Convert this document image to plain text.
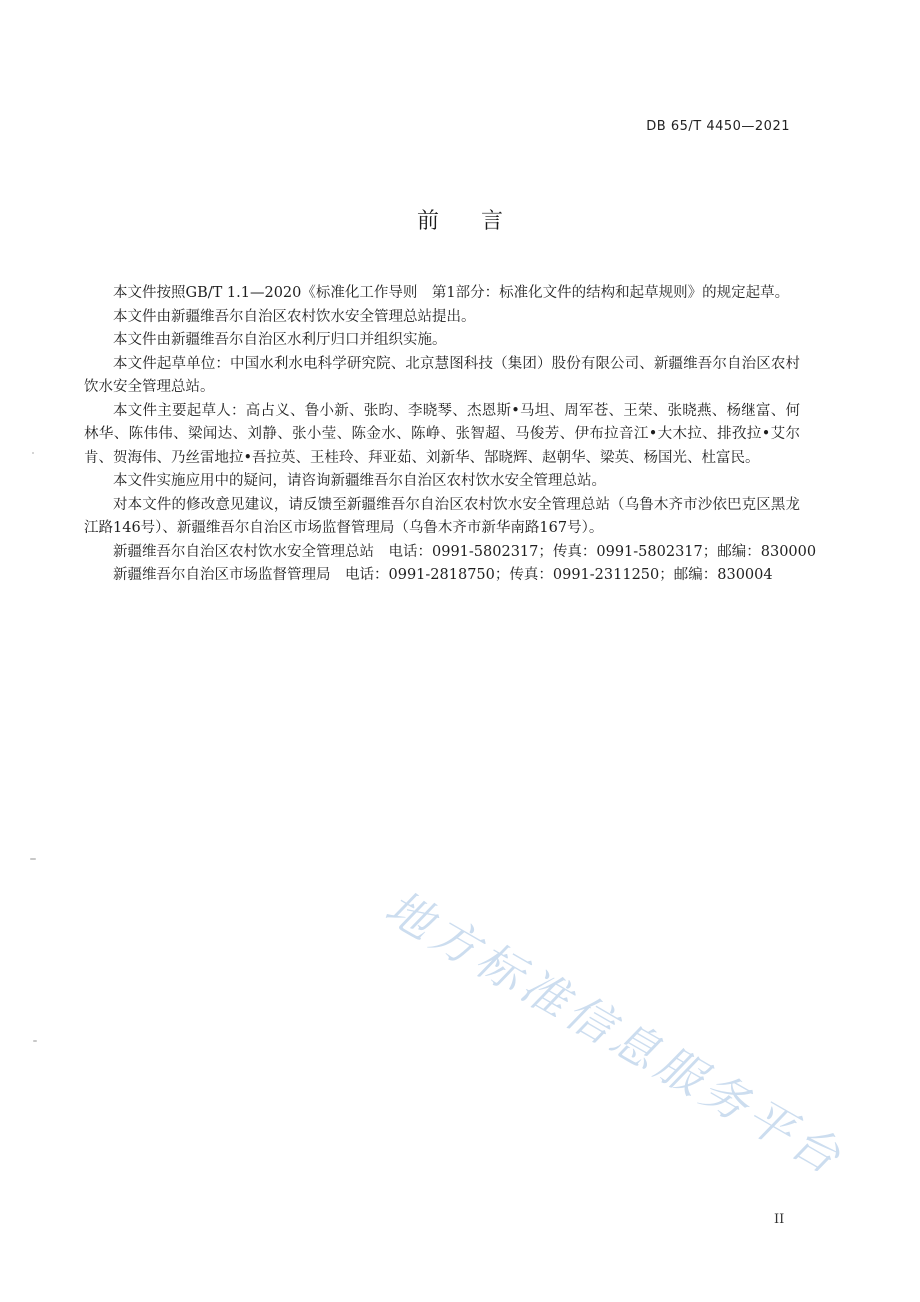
DB 65/T 4450—2021
前言

本文件按照GB/T 1.1—2020《标准化工作导则　第1部分：标准化文件的结构和起草规则》的规定起草。

本文件由新疆维吾尔自治区农村饮水安全管理总站提出。

本文件由新疆维吾尔自治区水利厅归口并组织实施。

本文件起草单位：中国水利水电科学研究院、北京慧图科技（集团）股份有限公司、新疆维吾尔自治区农村饮水安全管理总站。

本文件主要起草人：高占义、鲁小新、张昀、李晓琴、杰恩斯•马坦、周军苍、王荣、张晓燕、杨继富、何林华、陈伟伟、梁闻达、刘静、张小莹、陈金水、陈峥、张智超、马俊芳、伊布拉音江•大木拉、排孜拉•艾尔肯、贺海伟、乃丝雷地拉•吾拉英、王桂玲、拜亚茹、刘新华、郜晓辉、赵朝华、梁英、杨国光、杜富民。

本文件实施应用中的疑问，请咨询新疆维吾尔自治区农村饮水安全管理总站。

对本文件的修改意见建议，请反馈至新疆维吾尔自治区农村饮水安全管理总站（乌鲁木齐市沙依巴克区黑龙江路146号）、新疆维吾尔自治区市场监督管理局（乌鲁木齐市新华南路167号）。

新疆维吾尔自治区农村饮水安全管理总站　电话：0991-5802317；传真：0991-5802317；邮编：830000

新疆维吾尔自治区市场监督管理局　电话：0991-2818750；传真：0991-2311250；邮编：830004

地方标准信息服务平台
II
